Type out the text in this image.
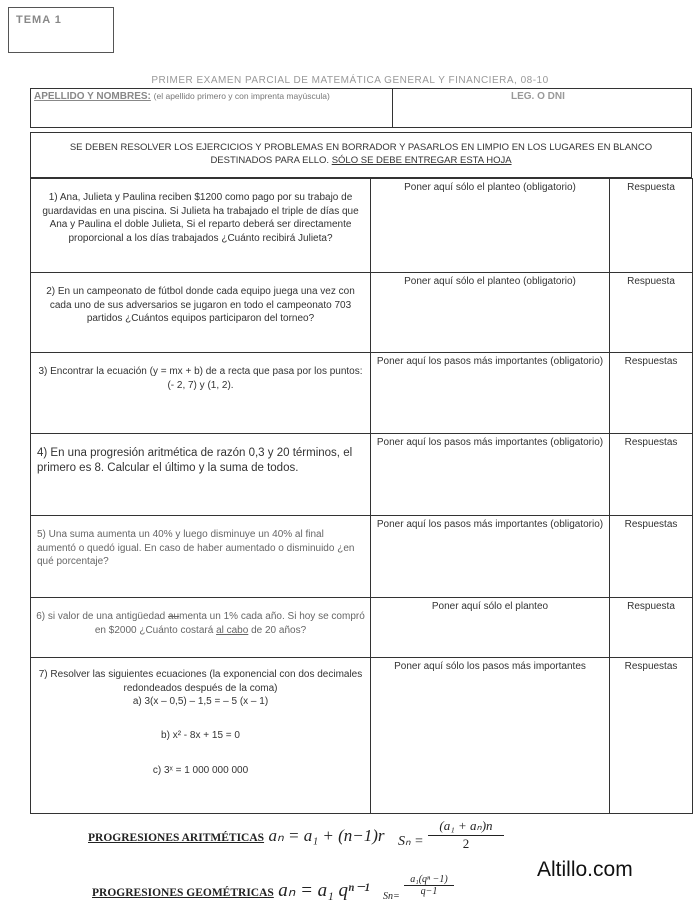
TEMA 1
PRIMER EXAMEN PARCIAL DE MATEMÁTICA GENERAL Y FINANCIERA, 08-10
APELLIDO Y NOMBRES: (el apellido primero y con imprenta mayúscula)	LEG. O DNI
SE DEBEN RESOLVER LOS EJERCICIOS Y PROBLEMAS EN BORRADOR Y PASARLOS EN LIMPIO EN LOS LUGARES EN BLANCO
DESTINADOS PARA ELLO. SÓLO SE DEBE ENTREGAR ESTA HOJA
1) Ana, Julieta y Paulina reciben $1200 como pago por su trabajo de guardavidas en una piscina. Si Julieta ha trabajado el triple de días que Ana y Paulina el doble Julieta, Si el reparto deberá ser directamente proporcional a los días trabajados ¿Cuánto recibirá Julieta?	Poner aquí sólo el planteo (obligatorio)	Respuesta

2) En un campeonato de fútbol donde cada equipo juega una vez con cada uno de sus adversarios se jugaron en todo el campeonato 703 partidos ¿Cuántos equipos participaron del torneo?	Poner aquí sólo el planteo (obligatorio)	Respuesta

3) Encontrar la ecuación (y = mx + b) de a recta que pasa por los puntos: (- 2, 7) y (1, 2).	Poner aquí los pasos más importantes (obligatorio)	Respuestas

4) En una progresión aritmética de razón 0,3 y 20 términos, el primero es 8. Calcular el último y la suma de todos.	Poner aquí los pasos más importantes (obligatorio)	Respuestas

5) Una suma aumenta un 40% y luego disminuye un 40% al final aumentó o quedó igual. En caso de haber aumentado o disminuido ¿en qué porcentaje?	Poner aquí los pasos más importantes (obligatorio)	Respuestas

6) si valor de una antigüedad aumenta un 1% cada año. Si hoy se compró en $2000 ¿Cuánto costará al cabo de 20 años?	Poner aquí sólo el planteo	Respuesta

7) Resolver las siguientes ecuaciones (la exponencial con dos decimales redondeados después de la coma)
a) 3(x – 0,5) – 1,5 = – 5 (x – 1)
b) x² - 8x + 15 = 0
c) 3ˣ = 1 000 000 000	Poner aquí sólo los pasos más importantes	Respuestas
PROGRESIONES ARITMÉTICAS aₙ = a₁ + (n−1)r $S_n = \frac{\text{(a₁ + aₙ)n}}{2}$
PROGRESIONES GEOMÉTRICAS aₙ = a₁ qⁿ⁻¹ $Sn= \frac{\text{a₁(qⁿ −1)}}{q-1}$
Altillo.com
